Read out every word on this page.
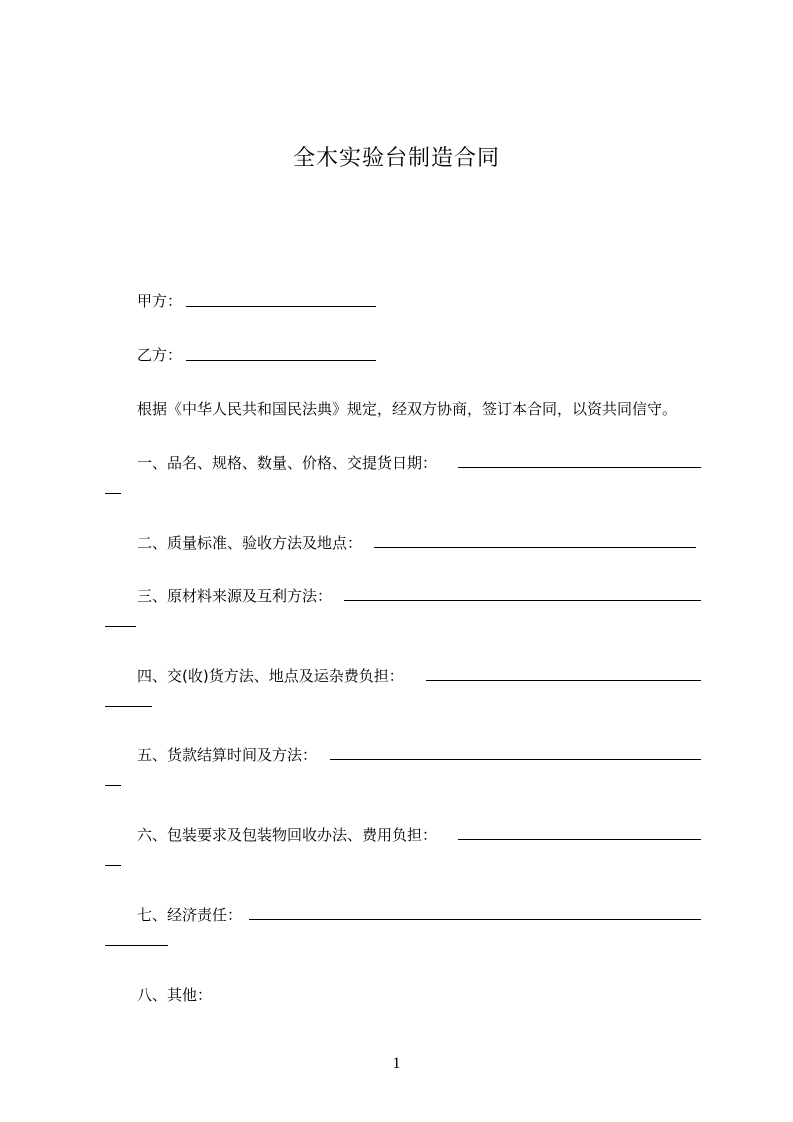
全木实验台制造合同
甲方：
乙方：
根据《中华人民共和国民法典》规定，经双方协商，签订本合同，以资共同信守。
一、品名、规格、数量、价格、交提货日期：
二、质量标准、验收方法及地点：
三、原材料来源及互利方法：
四、交(收)货方法、地点及运杂费负担：
五、货款结算时间及方法：
六、包装要求及包装物回收办法、费用负担：
七、经济责任：
八、其他：
1
